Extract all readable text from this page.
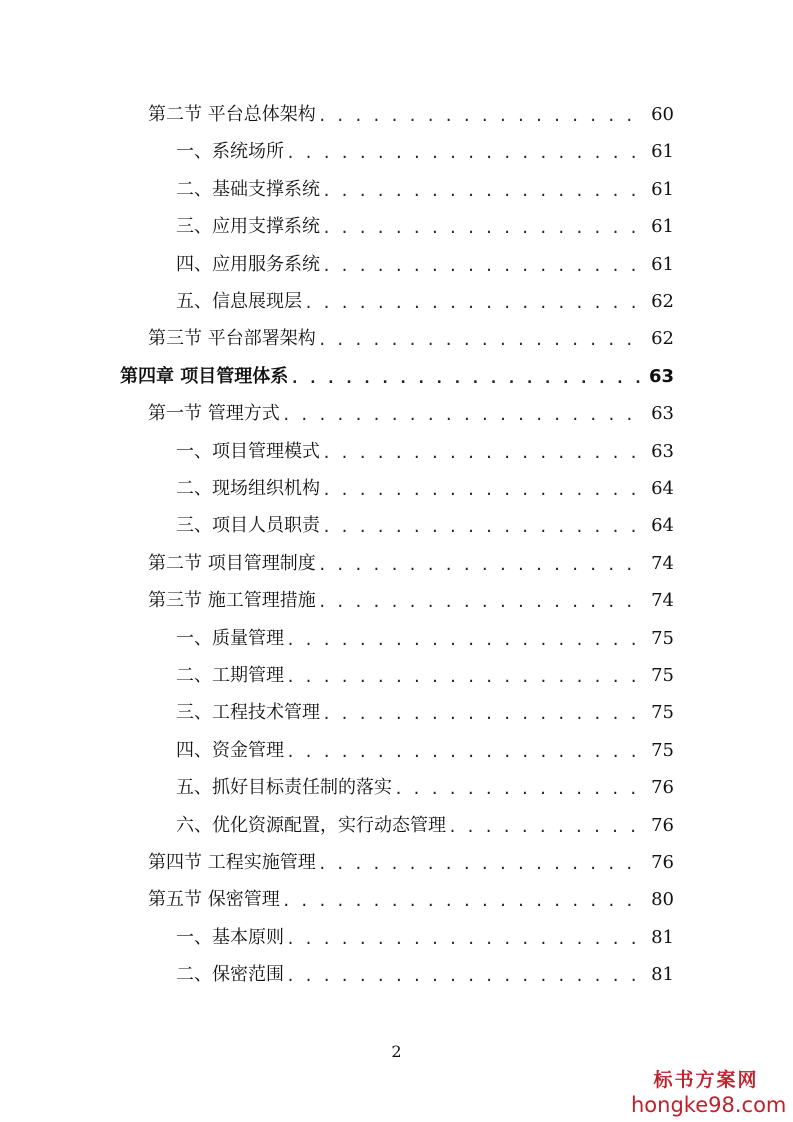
第二节 平台总体架构 . . .	60
一、系统场所 . . .	61
二、基础支撑系统 . . .	61
三、应用支撑系统 . . .	61
四、应用服务系统 . . .	61
五、信息展现层 . . .	62
第三节 平台部署架构 . . .	62
第四章 项目管理体系 . . .	63
第一节 管理方式 . . .	63
一、项目管理模式 . . .	63
二、现场组织机构 . . .	64
三、项目人员职责 . . .	64
第二节 项目管理制度 . . .	74
第三节 施工管理措施 . . .	74
一、质量管理 . . .	75
二、工期管理 . . .	75
三、工程技术管理 . . .	75
四、资金管理 . . .	75
五、抓好目标责任制的落实 . . .	76
六、优化资源配置，实行动态管理 . . .	76
第四节 工程实施管理 . . .	76
第五节 保密管理 . . .	80
一、基本原则 . . .	81
二、保密范围 . . .	81
2
标书方案网
hongke98.com
